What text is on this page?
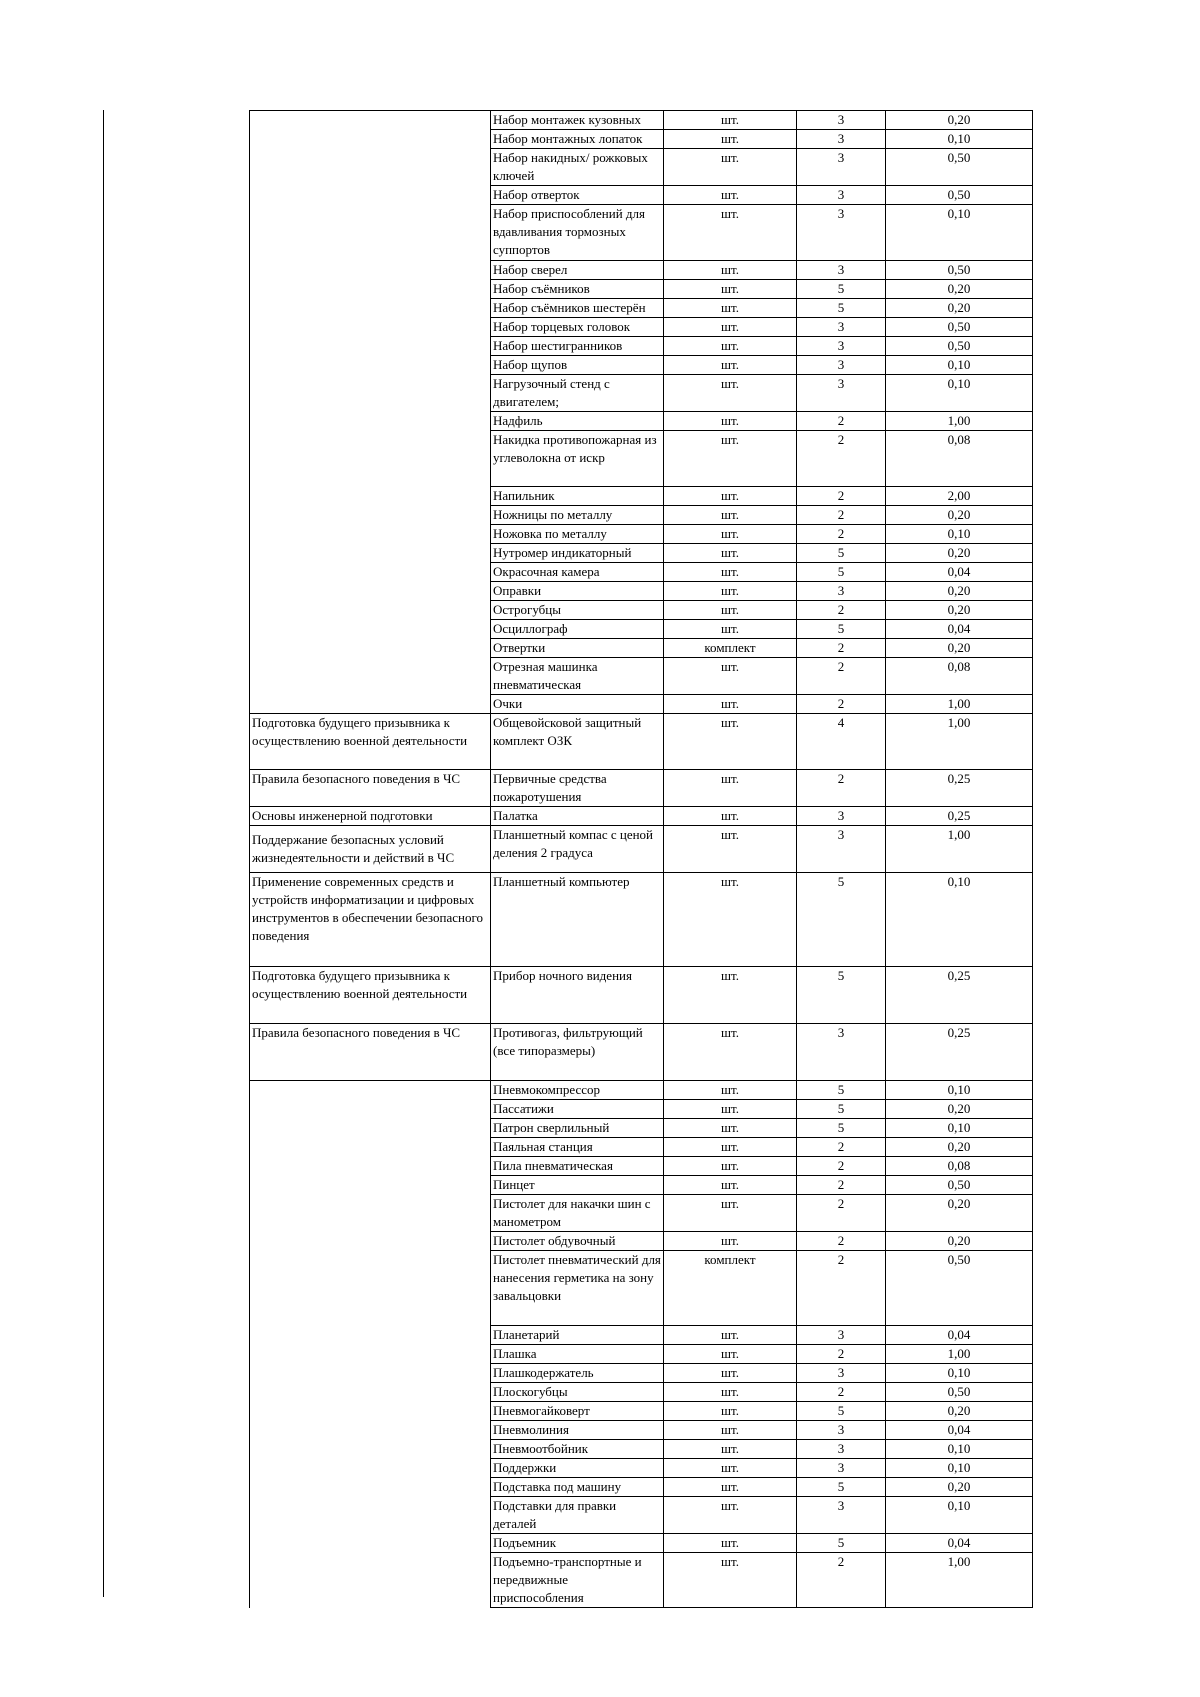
		Набор монтажек кузовных	шт.	3	0,20
		Набор монтажных лопаток	шт.	3	0,10
		Набор накидных/ рожковых ключей	шт.	3	0,50
		Набор отверток	шт.	3	0,50
		Набор приспособлений для вдавливания тормозных суппортов	шт.	3	0,10
		Набор сверел	шт.	3	0,50
		Набор съёмников	шт.	5	0,20
		Набор съёмников шестерён	шт.	5	0,20
		Набор торцевых головок	шт.	3	0,50
		Набор шестигранников	шт.	3	0,50
		Набор щупов	шт.	3	0,10
		Нагрузочный стенд с двигателем;	шт.	3	0,10
		Надфиль	шт.	2	1,00
		Накидка противопожарная из углеволокна от искр	шт.	2	0,08
		Напильник	шт.	2	2,00
		Ножницы по металлу	шт.	2	0,20
		Ножовка по металлу	шт.	2	0,10
		Нутромер индикаторный	шт.	5	0,20
		Окрасочная камера	шт.	5	0,04
		Оправки	шт.	3	0,20
		Острогубцы	шт.	2	0,20
		Осциллограф	шт.	5	0,04
		Отвертки	комплект	2	0,20
		Отрезная машинка пневматическая	шт.	2	0,08
		Очки	шт.	2	1,00
	Подготовка будущего призывника к осуществлению военной деятельности	Общевойсковой защитный комплект ОЗК	шт.	4	1,00
	Правила безопасного поведения в ЧС	Первичные средства пожаротушения	шт.	2	0,25
	Основы инженерной подготовки	Палатка	шт.	3	0,25
	Поддержание безопасных условий жизнедеятельности и действий в ЧС	Планшетный компас с ценой деления 2 градуса	шт.	3	1,00
	Применение современных средств и устройств информатизации и цифровых инструментов в обеспечении безопасного поведения	Планшетный компьютер	шт.	5	0,10
	Подготовка будущего призывника к осуществлению военной деятельности	Прибор ночного видения	шт.	5	0,25
	Правила безопасного поведения в ЧС	Противогаз, фильтрующий (все типоразмеры)	шт.	3	0,25
		Пневмокомпрессор	шт.	5	0,10
		Пассатижи	шт.	5	0,20
		Патрон сверлильный	шт.	5	0,10
		Паяльная станция	шт.	2	0,20
		Пила пневматическая	шт.	2	0,08
		Пинцет	шт.	2	0,50
		Пистолет для накачки шин с манометром	шт.	2	0,20
		Пистолет обдувочный	шт.	2	0,20
		Пистолет пневматический для нанесения герметика на зону завальцовки	комплект	2	0,50
		Планетарий	шт.	3	0,04
		Плашка	шт.	2	1,00
		Плашкодержатель	шт.	3	0,10
		Плоскогубцы	шт.	2	0,50
		Пневмогайковерт	шт.	5	0,20
		Пневмолиния	шт.	3	0,04
		Пневмоотбойник	шт.	3	0,10
		Поддержки	шт.	3	0,10
		Подставка под машину	шт.	5	0,20
		Подставки для правки деталей	шт.	3	0,10
		Подъемник	шт.	5	0,04
		Подъемно-транспортные и передвижные приспособления	шт.	2	1,00
